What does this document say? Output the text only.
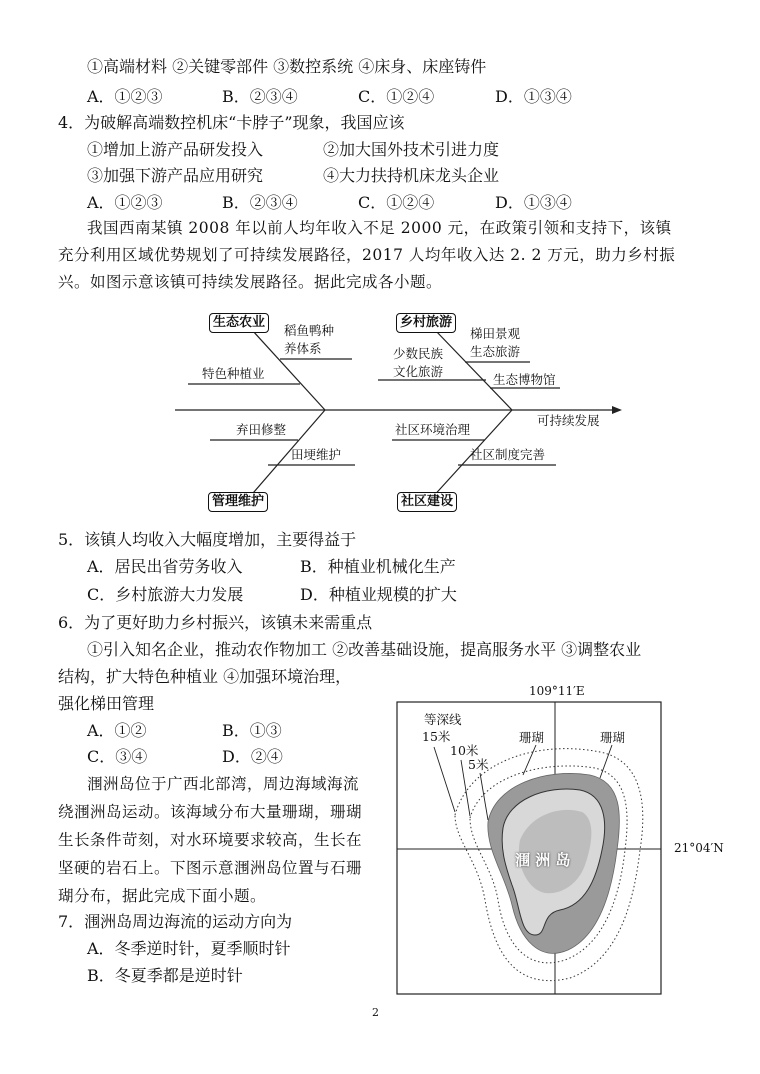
①高端材料 ②关键零部件 ③数控系统 ④床身、床座铸件
A．①②③	B．②③④	C．①②④	D．①③④
4．为破解高端数控机床“卡脖子”现象，我国应该
①增加上游产品研发投入	②加大国外技术引进力度
③加强下游产品应用研究	④大力扶持机床龙头企业
A．①②③	B．②③④	C．①②④	D．①③④
我国西南某镇 2008 年以前人均年收入不足 2000 元，在政策引领和支持下，该镇
充分利用区域优势规划了可持续发展路径，2017 人均年收入达 2. 2 万元，助力乡村振
兴。如图示意该镇可持续发展路径。据此完成各小题。
生态农业	乡村旅游
管理维护	社区建设
稻鱼鸭种
养体系
特色种植业
梯田景观
生态旅游
少数民族
文化旅游
生态博物馆
可持续发展
弃田修整
田埂维护
社区环境治理
社区制度完善
5．该镇人均收入大幅度增加，主要得益于
A．居民出省劳务收入	B．种植业机械化生产
C．乡村旅游大力发展	D．种植业规模的扩大
6．为了更好助力乡村振兴，该镇未来需重点
①引入知名企业，推动农作物加工 ②改善基础设施，提高服务水平 ③调整农业
结构，扩大特色种植业 ④加强环境治理，
强化梯田管理
A．①②	B．①③
C．③④	D．②④
涠洲岛位于广西北部湾，周边海域海流
绕涠洲岛运动。该海域分布大量珊瑚，珊瑚
生长条件苛刻，对水环境要求较高，生长在
坚硬的岩石上。下图示意涠洲岛位置与石珊
瑚分布，据此完成下面小题。
109°11′E
21°04′N
等深线
15米
10米
5米
珊瑚	珊瑚
涠 洲 岛
7．涠洲岛周边海流的运动方向为
A．冬季逆时针，夏季顺时针
B．冬夏季都是逆时针
2
